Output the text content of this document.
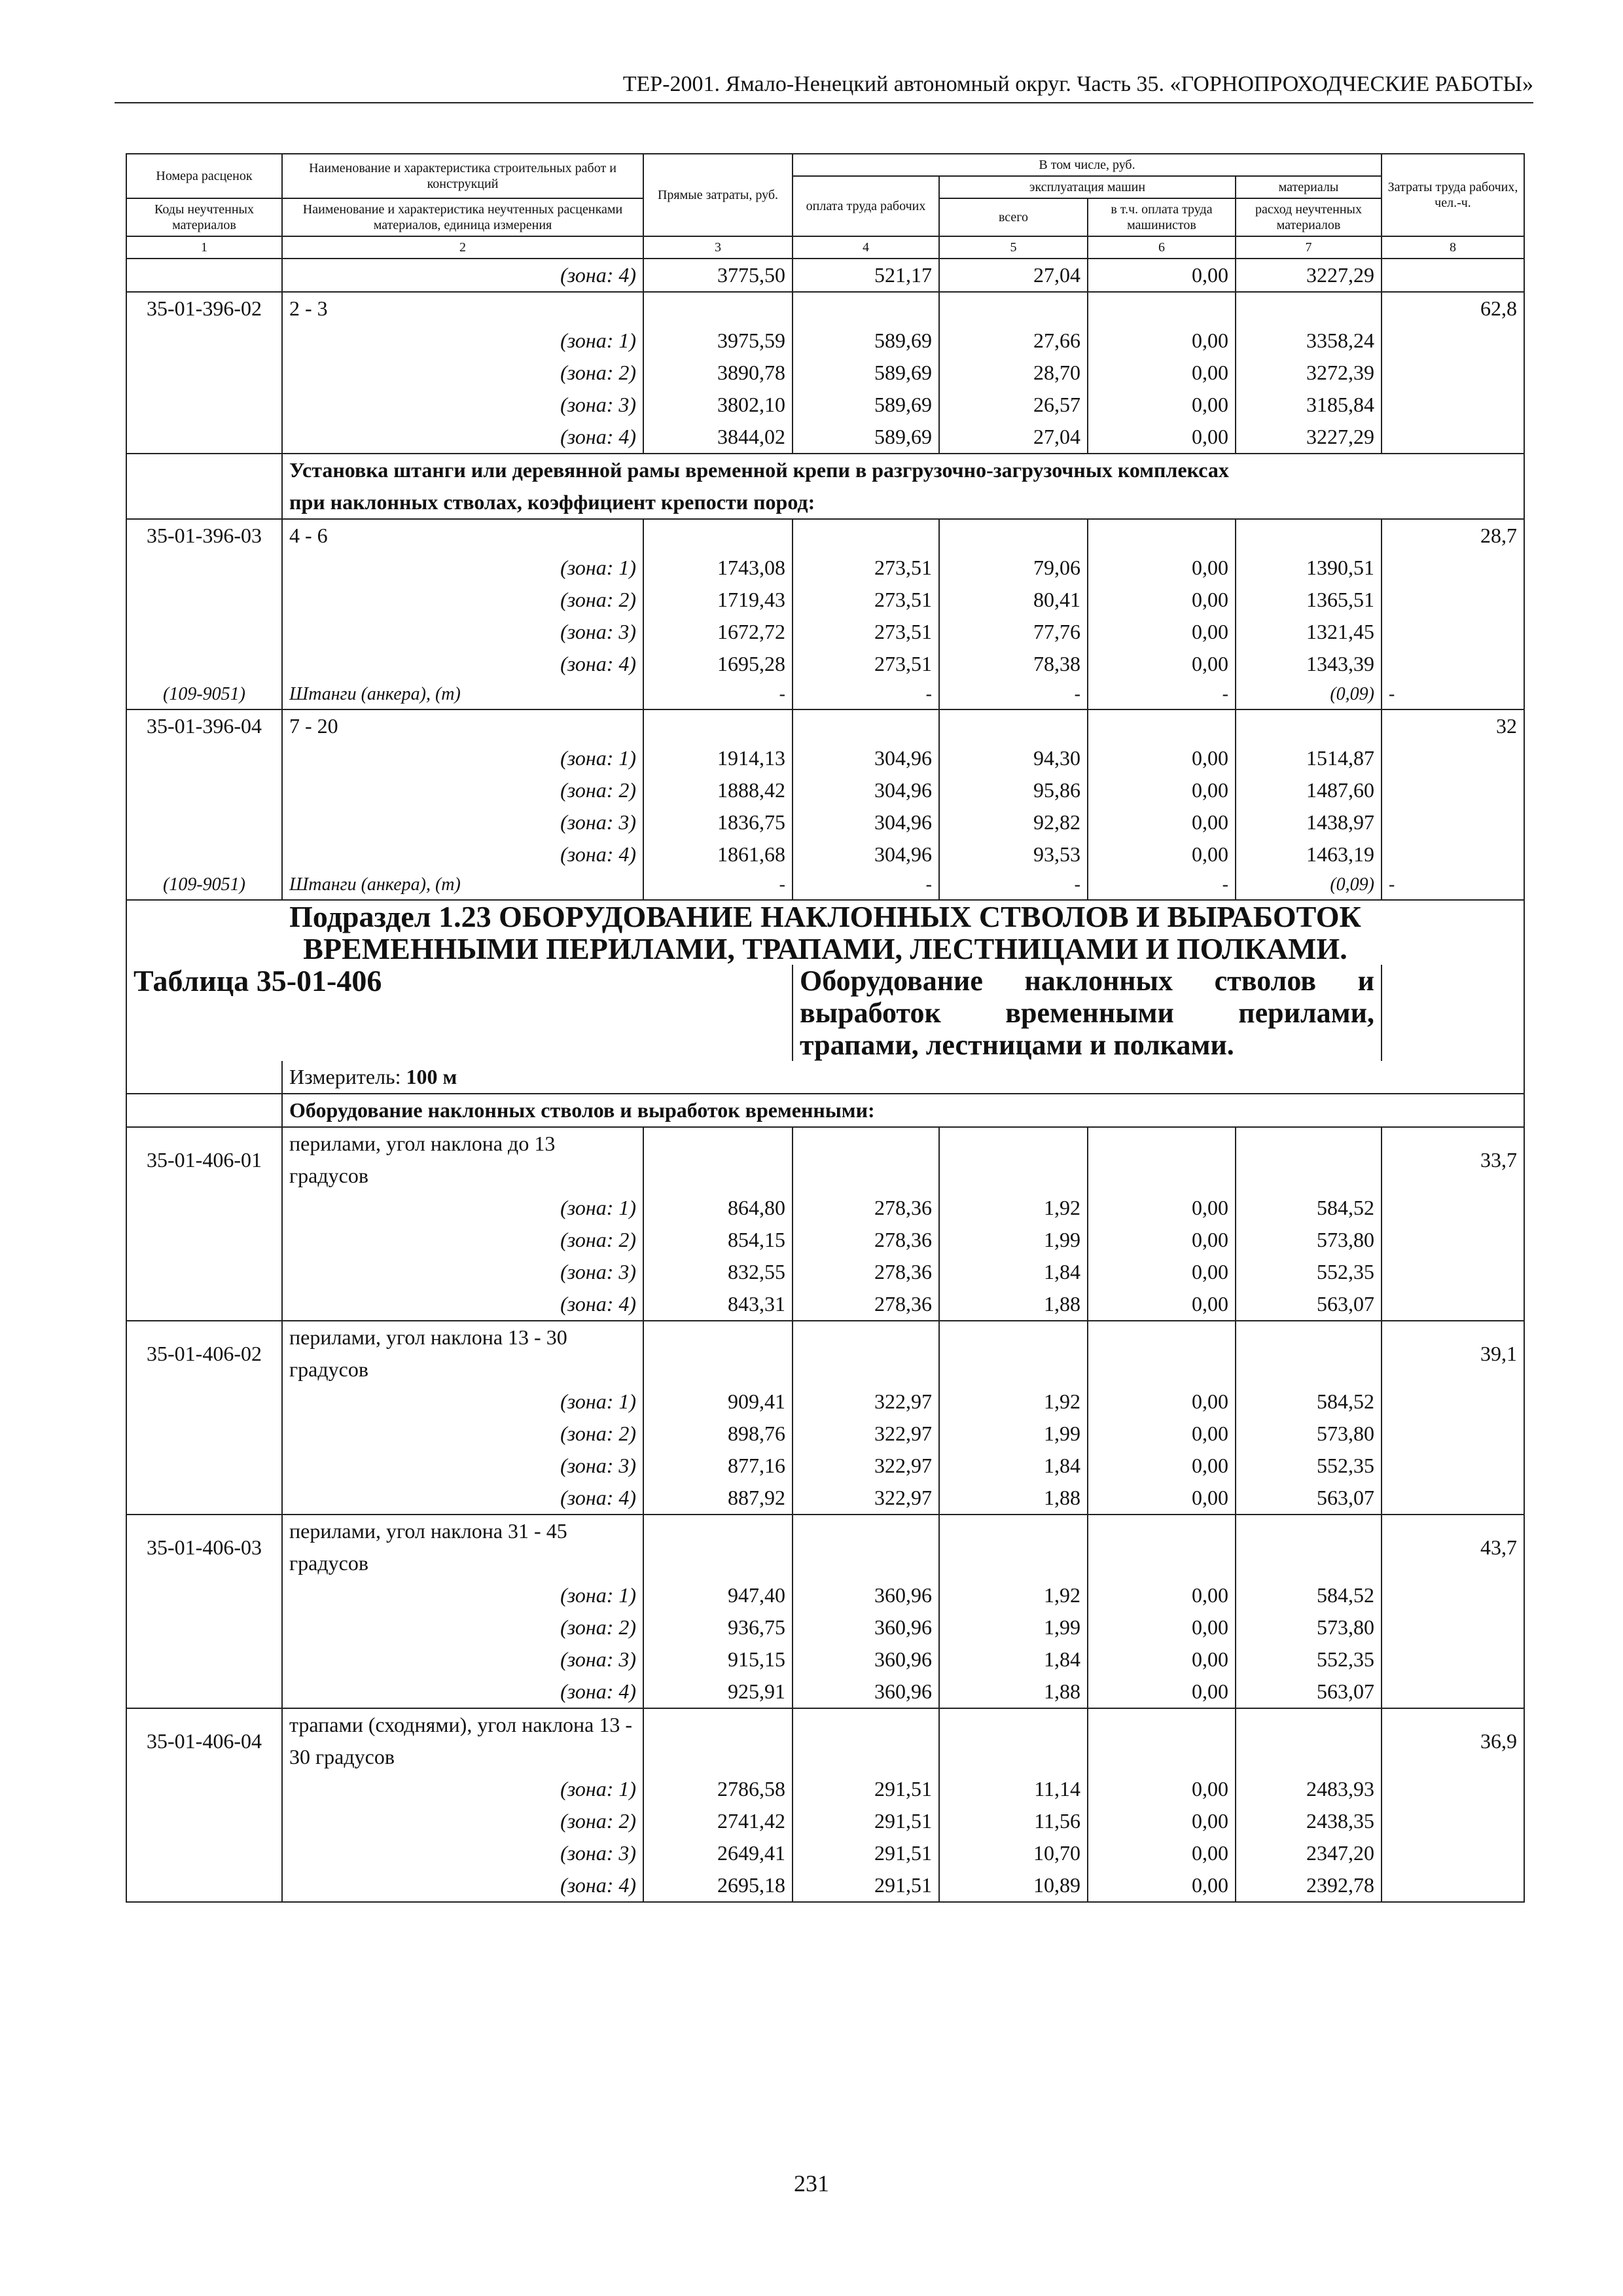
ТЕР-2001. Ямало-Ненецкий автономный округ. Часть 35. «ГОРНОПРОХОДЧЕСКИЕ РАБОТЫ»
Номера расценок	Наименование и характеристика строительных работ и конструкций	Прямые затраты, руб.	В том числе, руб.				Затраты труда рабочих, чел.-ч.
			оплата труда рабочих	эксплуатация машин		материалы	
Коды неучтенных материалов	Наименование и характеристика неучтенных расценками материалов, единица измерения			всего	в т.ч. оплата труда машинистов	расход неучтенных материалов	
1	2	3	4	5	6	7	8
	(зона: 4)	3775,50	521,17	27,04	0,00	3227,29	
35-01-396-02	2 - 3						62,8
	(зона: 1)	3975,59	589,69	27,66	0,00	3358,24	
	(зона: 2)	3890,78	589,69	28,70	0,00	3272,39	
	(зона: 3)	3802,10	589,69	26,57	0,00	3185,84	
	(зона: 4)	3844,02	589,69	27,04	0,00	3227,29	

	Установка штанги или деревянной рамы временной крепи в разгрузочно-загрузочных комплексах
при наклонных стволах, коэффициент крепости пород:						

35-01-396-03	4 - 6						28,7
	(зона: 1)	1743,08	273,51	79,06	0,00	1390,51	
	(зона: 2)	1719,43	273,51	80,41	0,00	1365,51	
	(зона: 3)	1672,72	273,51	77,76	0,00	1321,45	
	(зона: 4)	1695,28	273,51	78,38	0,00	1343,39	
(109-9051)	Штанги (анкера), (т)	-	-	-	-	(0,09)	-
35-01-396-04	7 - 20						32
	(зона: 1)	1914,13	304,96	94,30	0,00	1514,87	
	(зона: 2)	1888,42	304,96	95,86	0,00	1487,60	
	(зона: 3)	1836,75	304,96	92,82	0,00	1438,97	
	(зона: 4)	1861,68	304,96	93,53	0,00	1463,19	
(109-9051)	Штанги (анкера), (т)	-	-	-	-	(0,09)	-

Подраздел 1.23 ОБОРУДОВАНИЕ НАКЛОННЫХ СТВОЛОВ И ВЫРАБОТОК
ВРЕМЕННЫМИ ПЕРИЛАМИ, ТРАПАМИ, ЛЕСТНИЦАМИ И ПОЛКАМИ.							

Таблица 35-01-406			Оборудование наклонных стволов и выработок временными перилами, трапами, лестницами и полками.				
	Измеритель: 100 м						
	Оборудование наклонных стволов и выработок временными:						
35-01-406-01	перилами, угол наклона до 13 градусов						33,7
	(зона: 1)	864,80	278,36	1,92	0,00	584,52	
	(зона: 2)	854,15	278,36	1,99	0,00	573,80	
	(зона: 3)	832,55	278,36	1,84	0,00	552,35	
	(зона: 4)	843,31	278,36	1,88	0,00	563,07	
35-01-406-02	перилами, угол наклона 13 - 30 градусов						39,1
	(зона: 1)	909,41	322,97	1,92	0,00	584,52	
	(зона: 2)	898,76	322,97	1,99	0,00	573,80	
	(зона: 3)	877,16	322,97	1,84	0,00	552,35	
	(зона: 4)	887,92	322,97	1,88	0,00	563,07	
35-01-406-03	перилами, угол наклона 31 - 45 градусов						43,7
	(зона: 1)	947,40	360,96	1,92	0,00	584,52	
	(зона: 2)	936,75	360,96	1,99	0,00	573,80	
	(зона: 3)	915,15	360,96	1,84	0,00	552,35	
	(зона: 4)	925,91	360,96	1,88	0,00	563,07	
35-01-406-04	трапами (сходнями), угол наклона 13 - 30 градусов						36,9
	(зона: 1)	2786,58	291,51	11,14	0,00	2483,93	
	(зона: 2)	2741,42	291,51	11,56	0,00	2438,35	
	(зона: 3)	2649,41	291,51	10,70	0,00	2347,20	
	(зона: 4)	2695,18	291,51	10,89	0,00	2392,78	
231
